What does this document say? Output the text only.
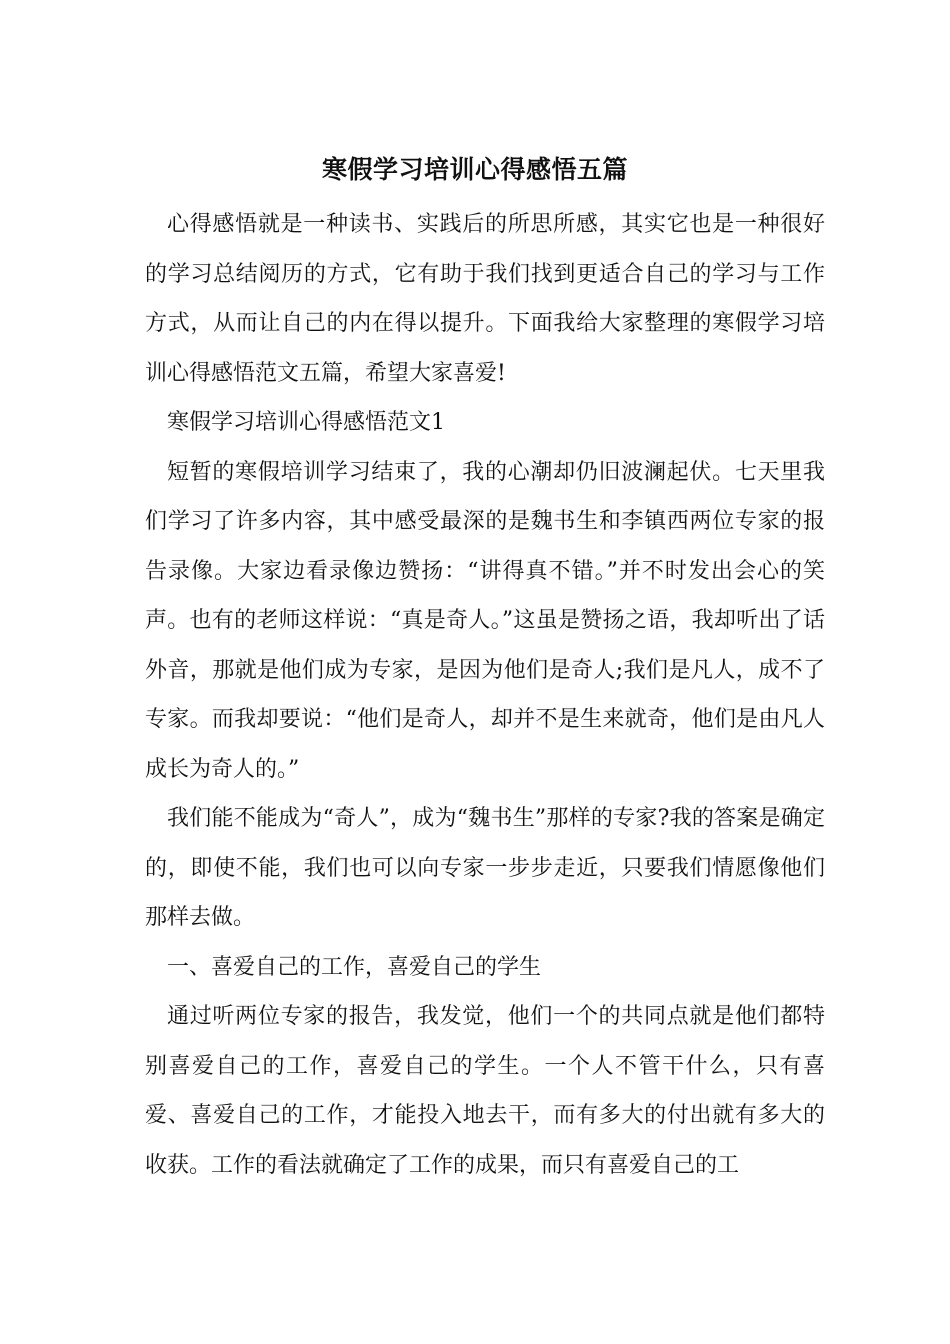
寒假学习培训心得感悟五篇

心得感悟就是一种读书、实践后的所思所感，其实它也是一种很好的学习总结阅历的方式，它有助于我们找到更适合自己的学习与工作方式，从而让自己的内在得以提升。下面我给大家整理的寒假学习培训心得感悟范文五篇，希望大家喜爱!

寒假学习培训心得感悟范文1

短暂的寒假培训学习结束了，我的心潮却仍旧波澜起伏。七天里我们学习了许多内容，其中感受最深的是魏书生和李镇西两位专家的报告录像。大家边看录像边赞扬：“讲得真不错。”并不时发出会心的笑声。也有的老师这样说：“真是奇人。”这虽是赞扬之语，我却听出了话外音，那就是他们成为专家，是因为他们是奇人;我们是凡人，成不了专家。而我却要说：“他们是奇人，却并不是生来就奇，他们是由凡人成长为奇人的。”

我们能不能成为“奇人”，成为“魏书生”那样的专家?我的答案是确定的，即使不能，我们也可以向专家一步步走近，只要我们情愿像他们那样去做。

一、喜爱自己的工作，喜爱自己的学生

通过听两位专家的报告，我发觉，他们一个的共同点就是他们都特别喜爱自己的工作，喜爱自己的学生。一个人不管干什么，只有喜爱、喜爱自己的工作，才能投入地去干，而有多大的付出就有多大的收获。工作的看法就确定了工作的成果，而只有喜爱自己的工
